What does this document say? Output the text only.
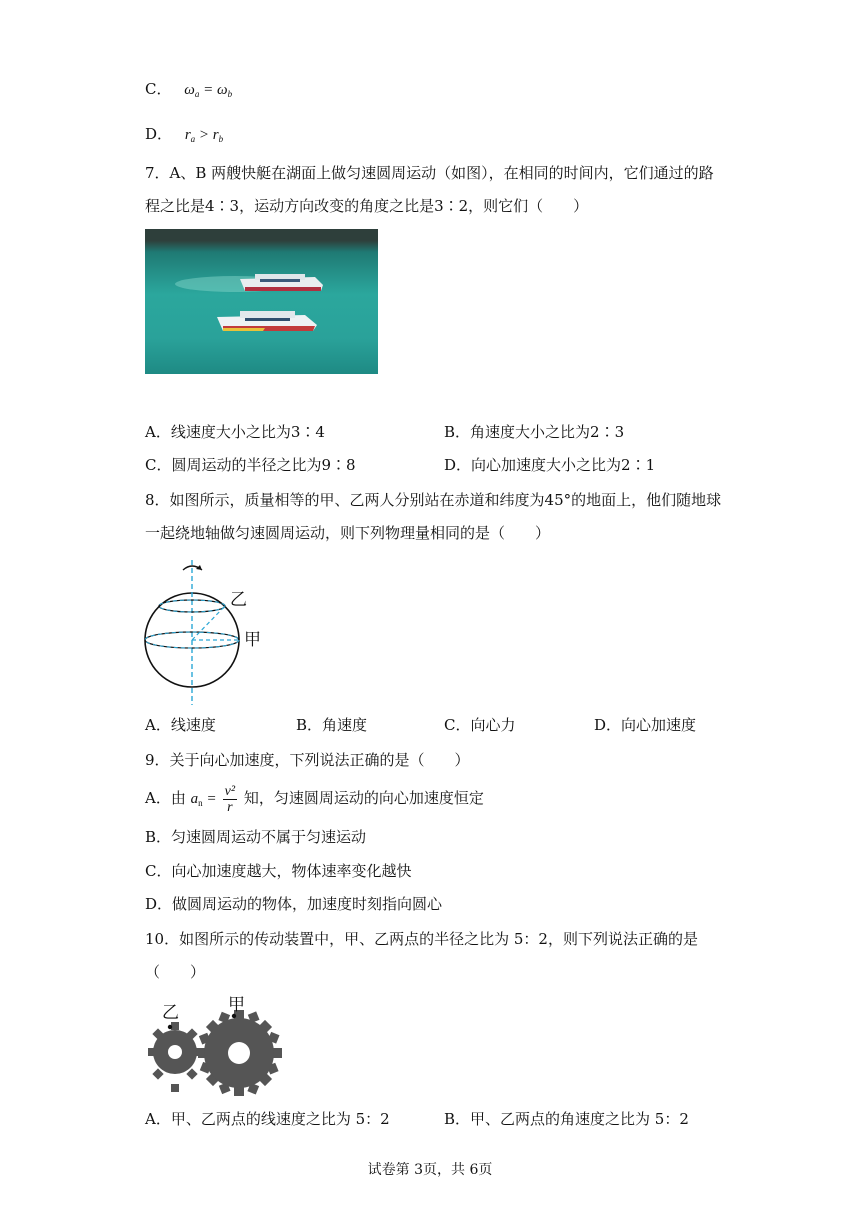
C． $\omega_a = \omega_b$
D． $r_a > r_b$
7．A、B 两艘快艇在湖面上做匀速圆周运动（如图），在相同的时间内，它们通过的路
程之比是4∶3，运动方向改变的角度之比是3∶2，则它们（　　）
A．线速度大小之比为3∶4	B．角速度大小之比为2∶3
C．圆周运动的半径之比为9∶8	D．向心加速度大小之比为2∶1
8．如图所示，质量相等的甲、乙两人分别站在赤道和纬度为45°的地面上，他们随地球
一起绕地轴做匀速圆周运动，则下列物理量相同的是（　　）
乙
甲
A．线速度	B．角速度	C．向心力	D．向心加速度
9．关于向心加速度，下列说法正确的是（　　）
A．由 $a_n = \frac{\text{v²}}{r}$ 知，匀速圆周运动的向心加速度恒定
B．匀速圆周运动不属于匀速运动
C．向心加速度越大，物体速率变化越快
D．做圆周运动的物体，加速度时刻指向圆心
10．如图所示的传动装置中，甲、乙两点的半径之比为 5：2，则下列说法正确的是
（　　）
乙	甲
A．甲、乙两点的线速度之比为 5：2	B．甲、乙两点的角速度之比为 5：2
试卷第 3页，共 6页
